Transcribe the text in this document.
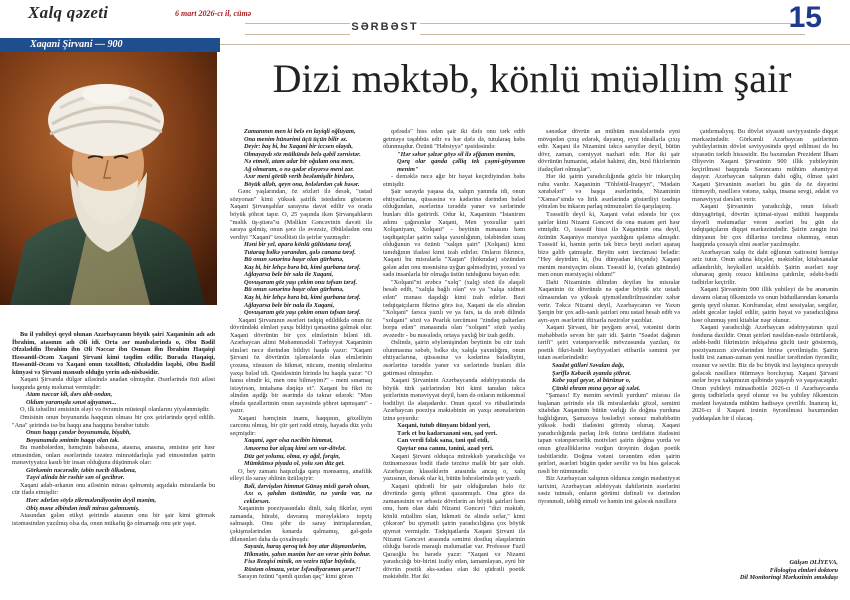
Xalq qəzeti	6 mart 2026-cı il, cümə
SƏRBƏST	15
Xaqani Şirvani — 900
Dizi məktəb, könlü müəllim şair

Bu il yubileyi qeyd olunan Azərbaycanın böyük şairi Xaqaninin adı adı İbrahim, atasının adı Əli idi. Orta əsr mənbələrində o, Əbu Bədil Əfzələddin İbrahim ibn Əli Nəccar ibn Osman ibn İbrahim Haqaiqi Həssanül-Əcəm Xaqani Şirvani kimi təqdim edilir. Burada Haqaiqi, Həssanül-Əcəm və Xaqani onun təxəllüsü, Əfzələddin ləqəbi, Əbu Bədil künyəsi və Şirvani mənsub olduğu yerin adı-nisbəsidir.

Xaqani Şirvanda dülgər ailəsində anadan olmuşdur. Əsərlərində özü ailəsi haqqında geniş məlumat vermişdir:

Atam nəccar idi, dərs alıb ondan,

Oldum yaranışda sənət ağıyanan...

O, ilk təhsilini əmisinin ələyi və övrəmin müsteqil olanlarını yiyələnmişdir.

Əmisinin onun boyununda haqqının olması bir çox şeirlərində qeyd edilib. "Ana" şeirində isə bu haqqı ana haqqına bərabər tutub:

Onun haqqı çəndər boyunumda, bişubh,

Boyunumda əmimin haqqı olan tək.

Bu mənbələrdən, həmçinin babasına, atasına, anasına, əmisinə şeir həsr etməsindən, onları əsərlərində təzətez minnətdarlıqla yad etməsindən şairin mənəviyyatca kasıb bir insan olduğunu düşünmək olar:

Görkəmin nəcərədir, təbin nəcib ölkədəna,

Təşvi alinda bir rəshir sən ol gecibrər.

Xaqani adab-ərkanın onu ailəsinin mirası qəlməmiş aqşıdakı misralarda bu cür ifadə etmişdir:

Hərc ədırlən söylə zikrmələndiyonim deyil mənim,

Əbiş məne əlbindən imdi mirası gəlmnəmiş.

Atasından gələn etikyi şeirində atasının onu bir şair kimi görmək istəməsindən yazılmış olsa da, onun mükafiq ğə olmamağı onu şeir yaşıt.

Zamanının men ki belə en layiqli oğluyam,

Ona menim hünərimi üçü üçün bilir əz.

Deyir: baş bi, bu Xaqani bir iccsen olaydı,

Olmayaydı söz mülkündə belə qəbil zərnistər.

Nə etmeli, atam adar bir oğulam ona men,

Ağ olmaram, o nə qədər eləyərsə meni zar.

Axır meni görüb verib beələmişdir birdərə,

Böyük alləh, qeyn ona, bolələrdən çək həsər.

Gənc yaşlarından, öz sözləri ilə desək, "ustad sözyonan" kimi yüksək şairlik istedadını göstərən Xaqani Şirvanşahlar sarayına davət edilir və orada böyük şöhrət tapır. O, 25 yaşında ikən Şirvanşahların "məlik üş-şüəra"sı (Məlikin Gəncəvinin davəti ilə saraya gəlmiş, onun şərə ilə əvəzsiz, Əbüləladən onu verdiyi "Xaqani" təxəllüsü ilə şeirlər yazmışdır:

Həni bir yel, apara könlü gülüstanə tərəf,

Tutaraq bəlkə yarandan, gələ canana tərəf.

Bü onun sənərinə haşır olan gürhanə,

Kaş bi, bir lehçə bəra bü, kimi gurbana tərəf.

Ağlayarsa bele bir sala ile Xaqani,

Qovuşaram göz yaşı çekim onu təfsan tərəf.

Bü onun sənərinə haşır olan gürhanə,

Kaş bi, bir lehçə bəra bü, kimi gurbana tərəf.

Ağlayarsa bele bir nala ilə Xaqani,

Qovuşaram göz yaşı çekim onun təfsan tərəf.

Xaqani Şirvanının əsərləri tədqiq edildikdə onun öz dövründəki elmləri yaxşı bildiyi qənaətinə gəlmək olur. Xaqani dövrünün bir çox elmlərinin biləni idi. Azərbaycan alimi Məhəmmədəli Tərbiyyət Xaqaninin elmləri necə dərindən bildiyi haqda yazır: "Xaqani Şirvani öz dövrünün işləmələrdə olan elmlərinin çoxuna, xüsusən də hikmət, nücum, məntiq elmlərinə yaxşı bələd idi. Qəsidəsinin birində bu haqda yazır: "O hansı elmdir ki, men onu bilməyim?" - meni sınamaq istəyirsən, imtahana dəqiqə et". Xaqani bu fikri öz əlindən aşıdğı bir əsərində də təkrar edərək: "Mən elmdə qəzəllərimin onun sayəsində şöhrət tapmışam" - yazır.

Xaqani həmçinin inamı, haqqının, gözəlliyin carconu olmuş, bir çür şeri rədd etmiş, hayada düz yolu seçmişdir:

Xaqani, əger olsa nəcibin himmət,

Aməorna bər alçaq kimi sen var-dövlət.

Düz get yolunu, olma, ey ağıl, fərqin,

Mümkünsə piyada ol, yolu sən düz get.

O, bey zamanı haqsızlığa qarşı mənsamış, anafilik elleyi ilə saray əhlinin üzüləşiyir:

Bəli, dərvişdən himmət Günəş misli gərəh olsun,

Axı o, şahdan üstündür, nə yarda var, nə ceklərsən.

Xaqaninin poeziyasındakı dinli, xalq fikirlər, eyni zamanda, hürabi, davranış mərəyləklərə topyiş salmaqdı. Onu şöhr də saray intriqalarından, çəkişmələrindən kənarda qalmamış, gəl-gedə dilənənləri daha da çoxalmışdı:

Sayasiz, haraş qeroq tek boy atar düşmənlərim,

Hikmətin, şahın mənim her an verər şirin bohur.

Fisə Rezqisi minik, on vezirə tüfar büyledə,

Rüstəm olmaza, yetər İsfəndiyarəmın şərər?!

Sarayın özünü "qəmli qızdan qaç" kimi görən

qəfəsdə" hiss edən şair iki dəfə onu tərk edib getməyə təşəbbüs edir və hər dəfə də, tutularaq həbs olunmuşdur. Özünü "Həbsiyyə" qəsidəsində:

"Hər səhər şəlzər göyə sil ilə əfğanım menim,

Qərq olar qanda çəlliq tek çəşmi-giryanım menim"

- deməklə necə ağır bir həyat keçirdiyindən bəhs etmişdir.

Şair sarayda yaşasa da, xalqın yanında idi, onun ehtiyaclarına, qüssəsinə və kədərinə dərindən bələd olduğundan, əsərlərinə tərəddə yaner və sərlərinde bunları dilə gətirirdi. Odur ki, Xaqaninin "İstanirım adımı çağırsınlar Xaqani, Men yoxsullar şairi Xolqaniyam, Xolqani" - beytinin mənasını həm təqdiqatçılar şairin xalqa yaxınlığının, tələbindən uzaq olduğunun və özünü "xalqın şairi" (Xolqani) kimi tanıdığının ifadəsi kimi izah edirlər. Onların fikrincə, Xaqani bu misralarla "Xaqan" (hökmdar) sözündən gələn adın onu məsnisinə uyğun gəlmədiyini, yoxsul və sadə insanlarla bir olmağa üstün tutduğunu bəyan edir.

"Xolqani"ni ərəbcə "xəlq" (xalq) sözü ilə əlaqəli hesab edib, "xalqla bağlı olan" və ya "xalqa xidmət edən" mənası daşıdığı kimi izah edirlər. Bəzi tədqiqatçıların fikrinə görə isə, Xaqani da elə əlindən "Xolqani" farsca yazılı ve ya fars, ta da ərəb dilində "xolqani" sözü və Pearlık tərcüməsi "zindəq paltarları borpa edən" mənasında olan "xolqani" sözü yaxlış əvəzedir - bu məsələdə, ortaya yaxlığ bir izah gedib.

Əslində, şairin söyləmişindən beytinin bu cür izah olunmasına səbəb, bəlkə də, xalqla yaxınlığını, onun ehtiyaclarına, qüssəsinə və kədərinə bələdliyini, əsərlərinə tərəddə yaner və sərlərində bunları dilə gətirməsi olmuşdur.

Xaqani Şirvaninin Azərbaycanda ədəbiyyatında da böyük türk şairlərindən biri kimi tanıdan təkcə şeirlərinin mənəviyyat deyil, həm də onların mükəmməl bədiiliyi ilə əlaqədardır. Onun qəzəl və rübailərində Azərbaycan poeziya məktəbinin ən yaxşı ənənələrinin izinə şoyurdu:

Xaqani, tutub dünyanı bidənl yeri,

Tərk et bu kadərxanəni son, şad yeri.

Can verdi fələk sana, təni qul etdi,

Qaytar ona canını, tənini, azad yeri.

Xaqani Şirvani olduqca mürəkkəb yaradıcılığa və özünəməxsus bədii ifadə tərzinə malik bir şair olub. Azərbaycan klassiklərin arasında ancaq o, xalq yazısının, dərsək olar ki, bütün bəhrələrində şeir yazıb.

Xaqani qüdrətli bir şair olduğundan həlo öz dövründə geniş şöhrət qazanmışdı. Ona görə də zamanəsinin ve ərbəsiz dövrlərin an böyük şairləri həm onu, həm olan dahi Nizami Gəncəvi "dizi məktəb, könlü müəllim olan, hikməti öz əlində sırlar," kimi çökərən" bu qiymətli şairin yaradıcılığına çox böyük qiymət vermişdir. Tədqiqatlarda Xaqani Şirvani ilə Nizami Gəncəvi arasında səmimi dostluq əlaqələrinin olduğu barədə maraqlı məlumatlar var. Professor Fazil Qaraoğlu bu barədə yazır: "Xaqani və Nizami yaradıcılığı bir-birini izafiy edən, tamamlayan, eyni bir dövrün poetik əks-sədası olan iki qüdrətli poetik məktəbdir. Hər iki

sənətkar dövrün an mühüm məsələlərində eyni mövqedən çıxış edərək, dayanıq, eyni ideallarla çıxış edir. Xaqani ilə Nizamini təkcə sarıyilər deyil, bütün dövr, zaman, cəmiyyət nazhari edir. Hər iki şair dövrünün humanist, ədalət hakimi, din, birsl fikirlərinin ifadəçiləri olmuşlar".

Hər iki şairin yaradıcılığında gözlə bir inkarçılıq ruhu vardır. Xaqaninin "Töhfətül-İraqeyn", "Mədain xərabələri" və başqa əsərlərində, Nizaminin "Xəmsə"sində və lirik əsərlərində göstəriliyi təsdiqə yönələn bu inkarın parlaq nümunələri ilə qarşılaşırıq.

Təəssüfü deyil ki, Xaqani vəfat edəndə bir çox şairlər kimi Nizami Gəncəvi də ona matəm şeri həsr etmişdir. O, təəssüf hissi ilə Xaqaninin ona deyil, özünün Xaqaniyə mərsiyə yazdığını qələmə almışdır. Təəssüf ki, həmin şerin tək bircə beyti əsrləri aşaraq bizə gəlib çatmışdır. Beytin sətri tərcüməsi belədir: "Hey deyirdim ki, (bu dünyadan köçəndə) Xaqani menim mərsiyəçim olsun. Təəssüf ki, (vəfatı günündə) men onun mərsiyəçisi oldum!"

Dahi Nizaminin dilindən deyilən bu misralar Xaqaninin öz dövründə nə qədər böyük söz ustadı olmasından və yüksək qiymətləndirilməsindən xəbər verir. Təkcə Nizami deyil, Azərbaycanın ve Yaxın Şərqin bir çox adlı-sanlı şairləri onu ustad hesab edib və ayrı-ayrı əsərlərini iftixarla nəzirələr yazıblar.

Xaqani Şirvani, bir peyğəm ərvəl, vətənini dərin məhəbbətlə sevən bir şair idi. Şairin "Səadət dağının tərifi" şeiri vətənpərvərlik mövzusunda yazılan, öz poetik fikri-bədii keyfiyyətləri etibarilə səmimi yer tutan əsərlərindədir:

Səadət gülləri Səvalan dağı,

Şəriflə Kəbəcik əyanıla şöhrət.

Kebe yaşıl geyər, əl bürünər o,

Çünki ehram mına geyər ağ xələt.

"Şamaxı! Ey menim sevimli yurdum" misrası ilə başlanan şeirində elə ilk misralardakı gözəl, səmimi xitabdan Xaqaninin bütün varlığı ilə doğma yurduna bağlılığının, Şamaxıya bəslədiyi sonsuz məhəbbətin yüksək bədii ifadəsini görmüş oluruq. Xaqani yaradıcılığında parlaq lirik özünə tərdifatın ifadəsini tapan vətənpərvərlik motivləri şairin doğma yurda ve onun gözəlliklərinə vurğun ürəyinin doğan poetik təsbitləridir. Doğma vətəni tərənnüm edən şairin şeirləri, əsərləri bügün qəder sevilir və bu hiss gələcək nəsli bir nümunədir.

Biz Azərbaycan xalqının oldunca zəngin mədəniyyət tarixini, Azərbaycan ədəbiyyatı dahilərinin əsərlərini səsiz tutmalı, onların görümi dəfinəli və dərindən öyrənməli, təbliğ etməli və həmin irsi gələcək nəsillərə

çatdırmalıyıq. Bu dövlət siyasəti səviyyəsində diqqət mərkəzindədir. Görkəmli Azərbaycan şairlərinin yubileylərinin dövlət səviyyəsində qeyd edilməsi də bu siyasətin tərkib hissəsidir. Bu baxımdan Prezident İlham Əliyevin Xaqani Şirvaninin 900 illik yubileyinin keçirilməsi haqqında Sərəncamı mühüm əhəmiyyət daşıyır. Azərbaycan xalqının dahi oğlu, ölməz şairi Xaqani Şirvaninin əsərləri bu gün də öz dəyərini itirməyib, nəsillərə vətənə, xalqa, insana sevgi, ədalət və mənəviyyat dərsləri verir.

Xaqani Şirvaninin yaradıcılığı, onun fəlsəfi dünyagörüşü, dövrün içtimai-siyasi mühiti haqqında dəyərli məlumatlar verən əsərləri bu gün də tədqiqatçıların diqqət mərkəzindədir. Şairin zəngin irsi dünyanın bir çox dillərinə tərcümə olunmuş, onun haqqında çoxsaylı elmi əsərlər yazılmışdır.

Azərbaycan xalqı öz dahi oğlunun xatirəsini həmişə əziz tutur. Onun adına küçələr, məktəblər, kitabxanalar adlandırılıb, heykəlləri ucaldılıb. Şairin əsərləri nəşr olunaraq geniş oxucu kütləsinə çatdırılır, ədəbi-bədii tədbirlər keçirilir.

Xaqani Şirvaninin 900 illik yubileyi də bu ənənənin davamı olaraq ölkəmizdə və onun hüdudlarından kənarda geniş qeyd olunur. Konfranslar, elmi sessiyalar, sərgilər, ədəbi gecələr təşkil edilir, şairin həyat və yaradıcılığına həsr olunmuş yeni kitablar nəşr olunur.

Xaqani yaradıcılığı Azərbaycan ədəbiyyatının qızıl fonduna daxildir. Onun şeirləri nəsildən-nəslə ötürülərək, ədəbi-bədii fikrimizin inkişafına güclü təsir göstərmiş, poeziyamızın zirvələrindən birinə çevrilmişdir. Şairin bədii irsi zaman-zaman yeni nəsillər tərəfindən öyrənilir, oxunur və sevilir. Biz də bu böyük irsi layiqincə qoruyub gələcək nəsillərə ötürməyə borcluyuq. Xaqani Şirvani əsrlər boyu xalqımızın qəlbində yaşayıb və yaşayacaqdır. Onun yubileyi münasibətilə 2026-cı il Azərbaycanda geniş tədbirlərlə qeyd olunur və bu yubiley ölkəmizin mədəni həyatında mühüm hadisəyə çevrilib. İnanırıq ki, 2026-cı il Xaqani irsinin öyrənilməsi baxımından yaddaqalan bir il olacaq.

Gülşən ƏLİYEVA,
Filologiya elmləri doktoru
Dil Monitorinqi Mərkəzinin əməkdaşı
